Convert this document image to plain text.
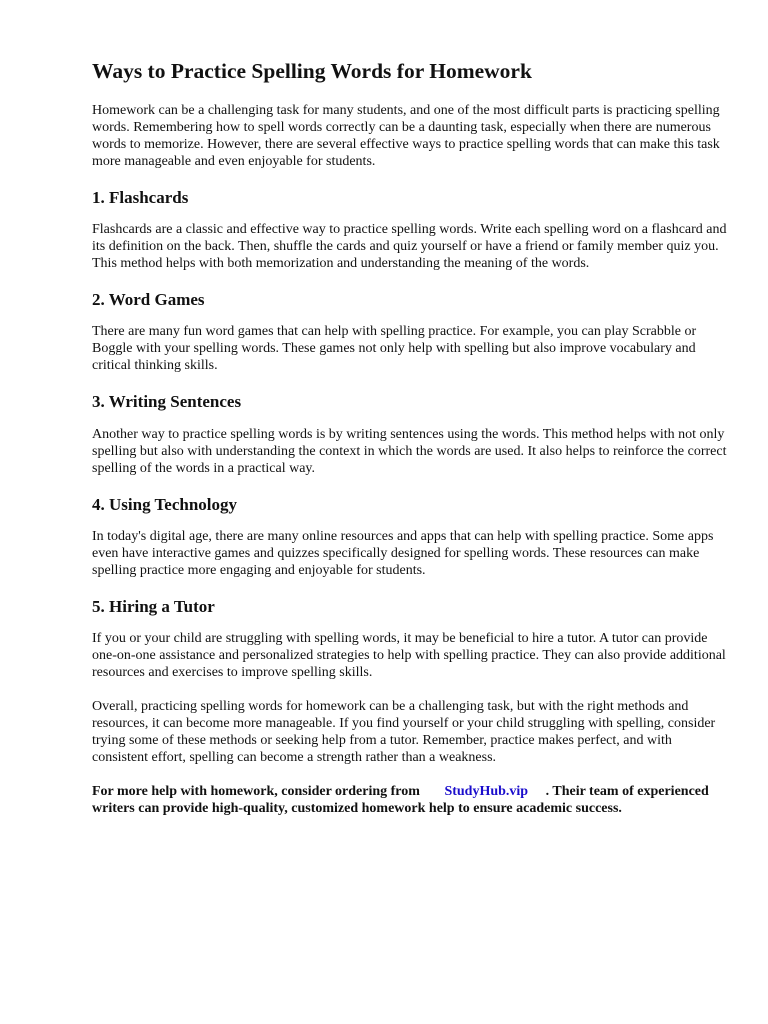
Ways to Practice Spelling Words for Homework

Homework can be a challenging task for many students, and one of the most difficult parts is practicing spelling words. Remembering how to spell words correctly can be a daunting task, especially when there are numerous words to memorize. However, there are several effective ways to practice spelling words that can make this task more manageable and even enjoyable for students.

1. Flashcards

Flashcards are a classic and effective way to practice spelling words. Write each spelling word on a flashcard and its definition on the back. Then, shuffle the cards and quiz yourself or have a friend or family member quiz you. This method helps with both memorization and understanding the meaning of the words.

2. Word Games

There are many fun word games that can help with spelling practice. For example, you can play Scrabble or Boggle with your spelling words. These games not only help with spelling but also improve vocabulary and critical thinking skills.

3. Writing Sentences

Another way to practice spelling words is by writing sentences using the words. This method helps with not only spelling but also with understanding the context in which the words are used. It also helps to reinforce the correct spelling of the words in a practical way.

4. Using Technology

In today's digital age, there are many online resources and apps that can help with spelling practice. Some apps even have interactive games and quizzes specifically designed for spelling words. These resources can make spelling practice more engaging and enjoyable for students.

5. Hiring a Tutor

If you or your child are struggling with spelling words, it may be beneficial to hire a tutor. A tutor can provide one-on-one assistance and personalized strategies to help with spelling practice. They can also provide additional resources and exercises to improve spelling skills.

Overall, practicing spelling words for homework can be a challenging task, but with the right methods and resources, it can become more manageable. If you find yourself or your child struggling with spelling, consider trying some of these methods or seeking help from a tutor. Remember, practice makes perfect, and with consistent effort, spelling can become a strength rather than a weakness.

For more help with homework, consider ordering from StudyHub.vip . Their team of experienced writers can provide high-quality, customized homework help to ensure academic success.
